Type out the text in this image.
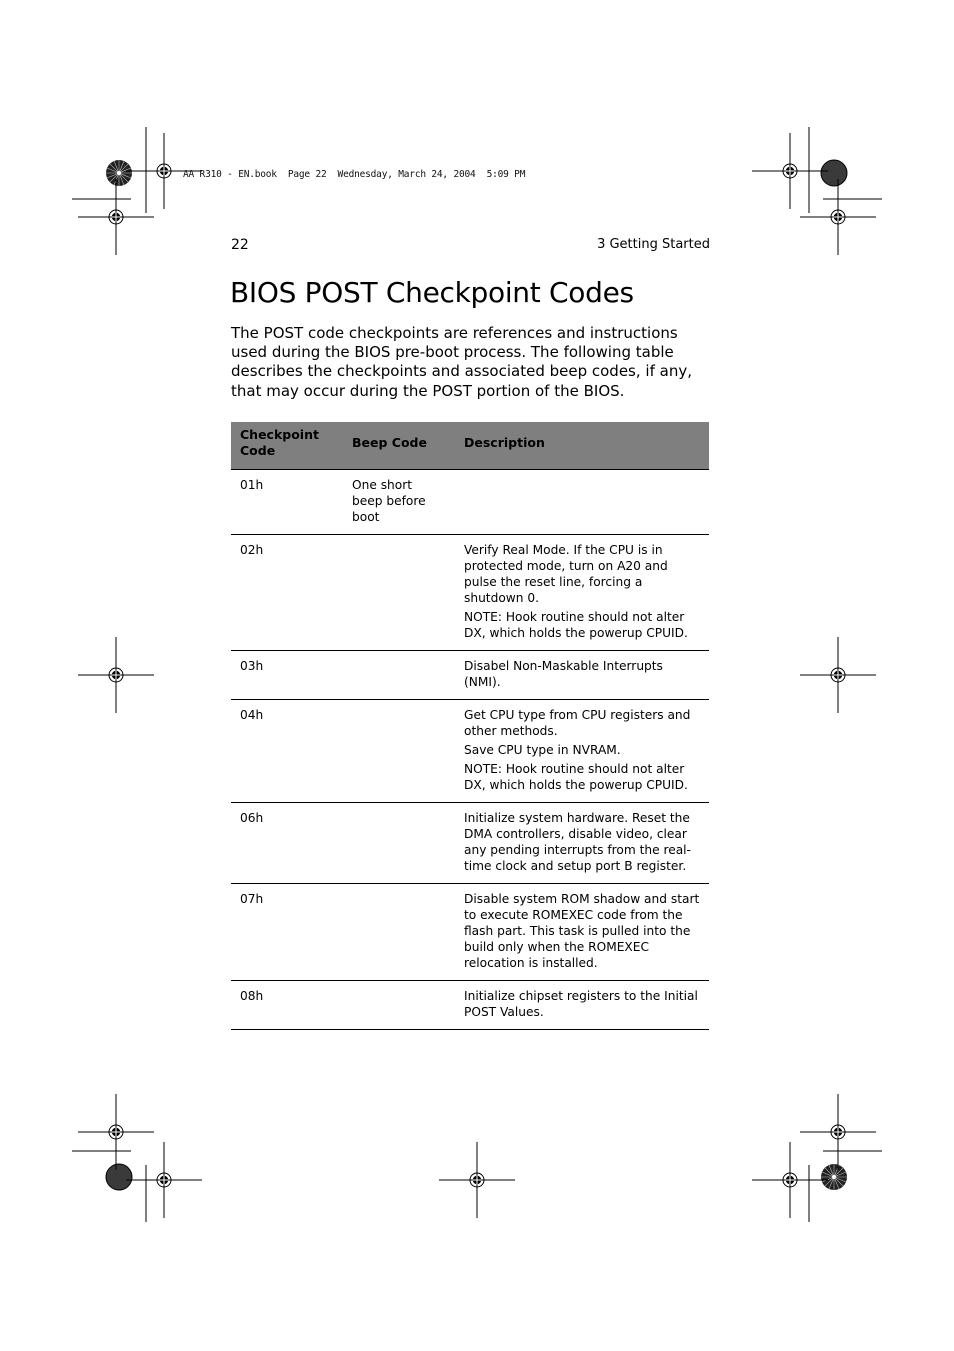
AA R310 - EN.book  Page 22  Wednesday, March 24, 2004  5:09 PM
22	3 Getting Started
BIOS POST Checkpoint Codes

The POST code checkpoints are references and instructions used during the BIOS pre-boot process. The following table describes the checkpoints and associated beep codes, if any, that may occur during the POST portion of the BIOS.

Checkpoint
Code	Beep Code	Description
01h	One short
beep before
boot	

02h		Verify Real Mode. If the CPU is in protected mode, turn on A20 and pulse the reset line, forcing a shutdown 0.
NOTE: Hook routine should not alter DX, which holds the powerup CPUID.

03h		Disabel Non-Maskable Interrupts (NMI).

04h		Get CPU type from CPU registers and other methods.
Save CPU type in NVRAM.
NOTE: Hook routine should not alter DX, which holds the powerup CPUID.

06h		Initialize system hardware. Reset the DMA controllers, disable video, clear any pending interrupts from the real-time clock and setup port B register.

07h		Disable system ROM shadow and start to execute ROMEXEC code from the flash part. This task is pulled into the build only when the ROMEXEC relocation is installed.

08h		Initialize chipset registers to the Initial POST Values.
